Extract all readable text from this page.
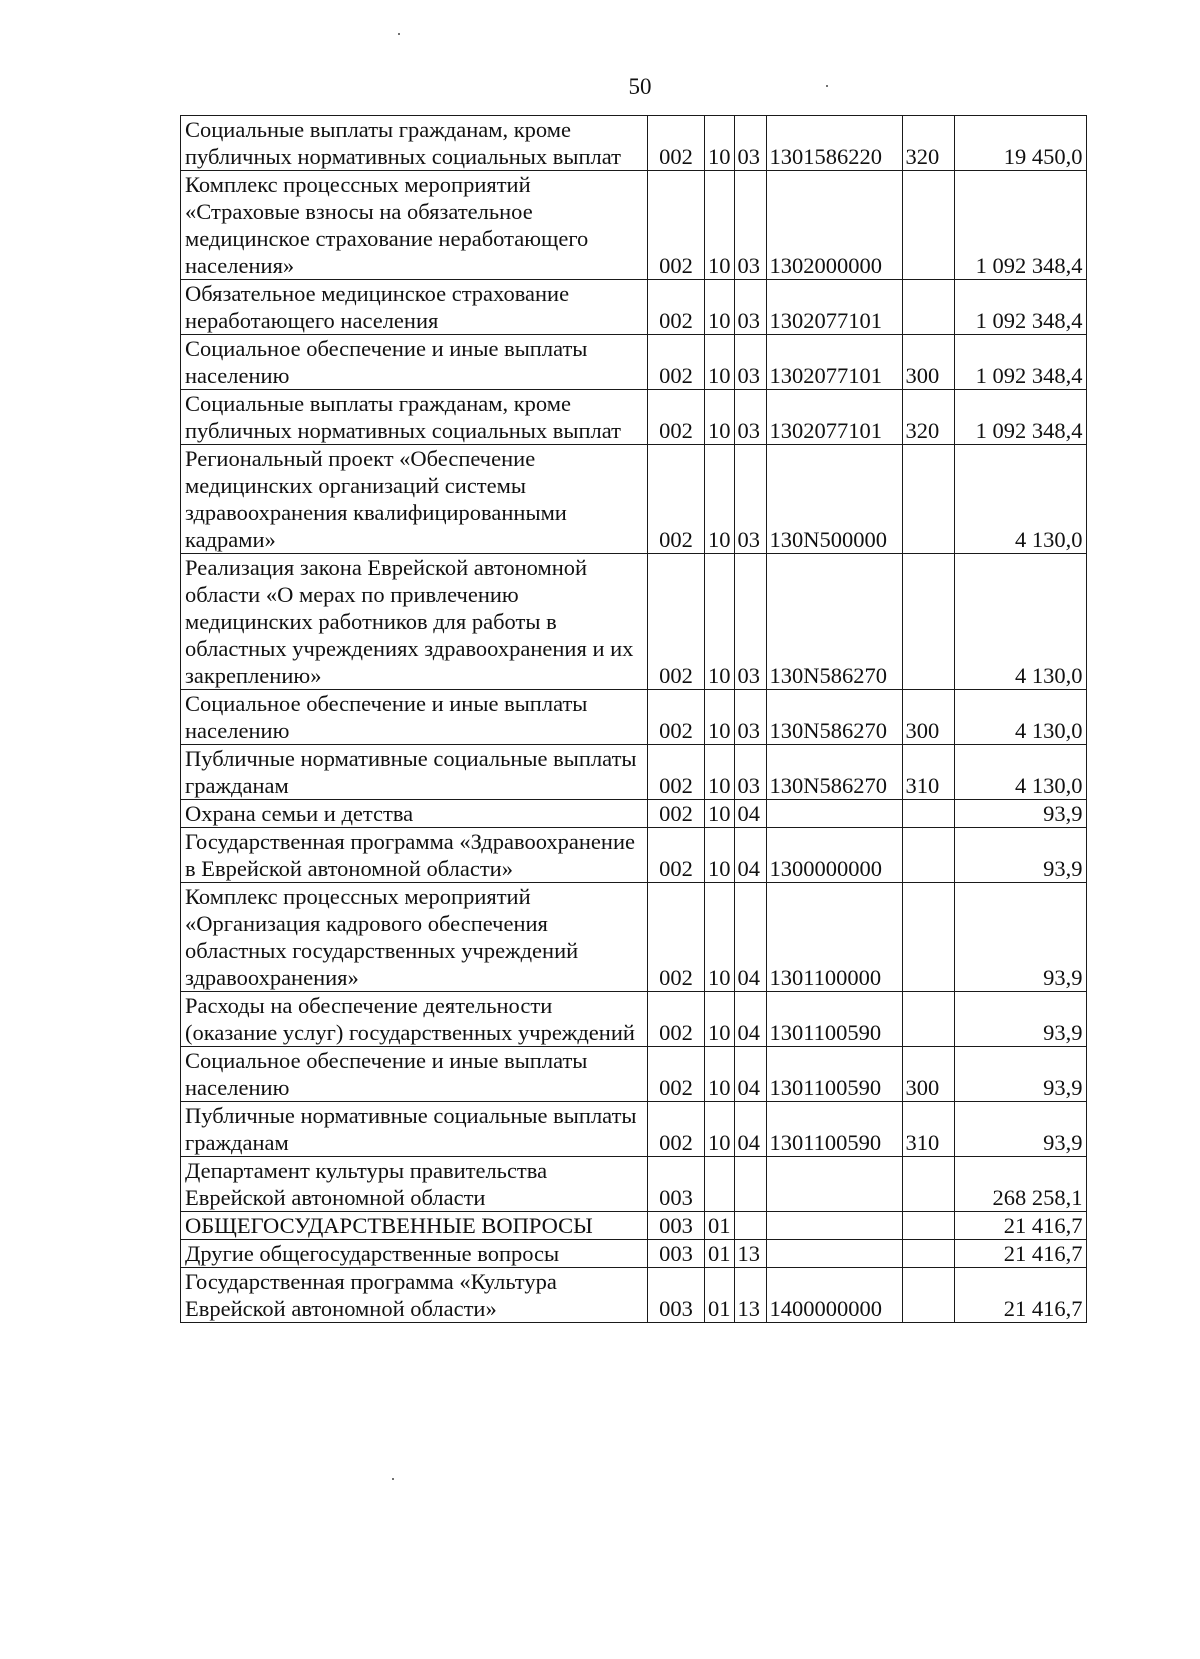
50
Социальные выплаты гражданам, кроме публичных нормативных социальных выплат	002	10	03	1301586220	320	19 450,0
Комплекс процессных мероприятий «Страховые взносы на обязательное медицинское страхование неработающего населения»	002	10	03	1302000000		1 092 348,4
Обязательное медицинское страхование неработающего населения	002	10	03	1302077101		1 092 348,4
Социальное обеспечение и иные выплаты населению	002	10	03	1302077101	300	1 092 348,4
Социальные выплаты гражданам, кроме публичных нормативных социальных выплат	002	10	03	1302077101	320	1 092 348,4
Региональный проект «Обеспечение медицинских организаций системы здравоохранения квалифицированными кадрами»	002	10	03	130N500000		4 130,0
Реализация закона Еврейской автономной области «О мерах по привлечению медицинских работников для работы в областных учреждениях здравоохранения и их закреплению»	002	10	03	130N586270		4 130,0
Социальное обеспечение и иные выплаты населению	002	10	03	130N586270	300	4 130,0
Публичные нормативные социальные выплаты гражданам	002	10	03	130N586270	310	4 130,0
Охрана семьи и детства	002	10	04			93,9
Государственная программа «Здравоохранение в Еврейской автономной области»	002	10	04	1300000000		93,9
Комплекс процессных мероприятий «Организация кадрового обеспечения областных государственных учреждений здравоохранения»	002	10	04	1301100000		93,9
Расходы на обеспечение деятельности (оказание услуг) государственных учреждений	002	10	04	1301100590		93,9
Социальное обеспечение и иные выплаты населению	002	10	04	1301100590	300	93,9
Публичные нормативные социальные выплаты гражданам	002	10	04	1301100590	310	93,9
Департамент культуры правительства Еврейской автономной области	003					268 258,1
ОБЩЕГОСУДАРСТВЕННЫЕ ВОПРОСЫ	003	01				21 416,7
Другие общегосударственные вопросы	003	01	13			21 416,7
Государственная программа «Культура Еврейской автономной области»	003	01	13	1400000000		21 416,7
